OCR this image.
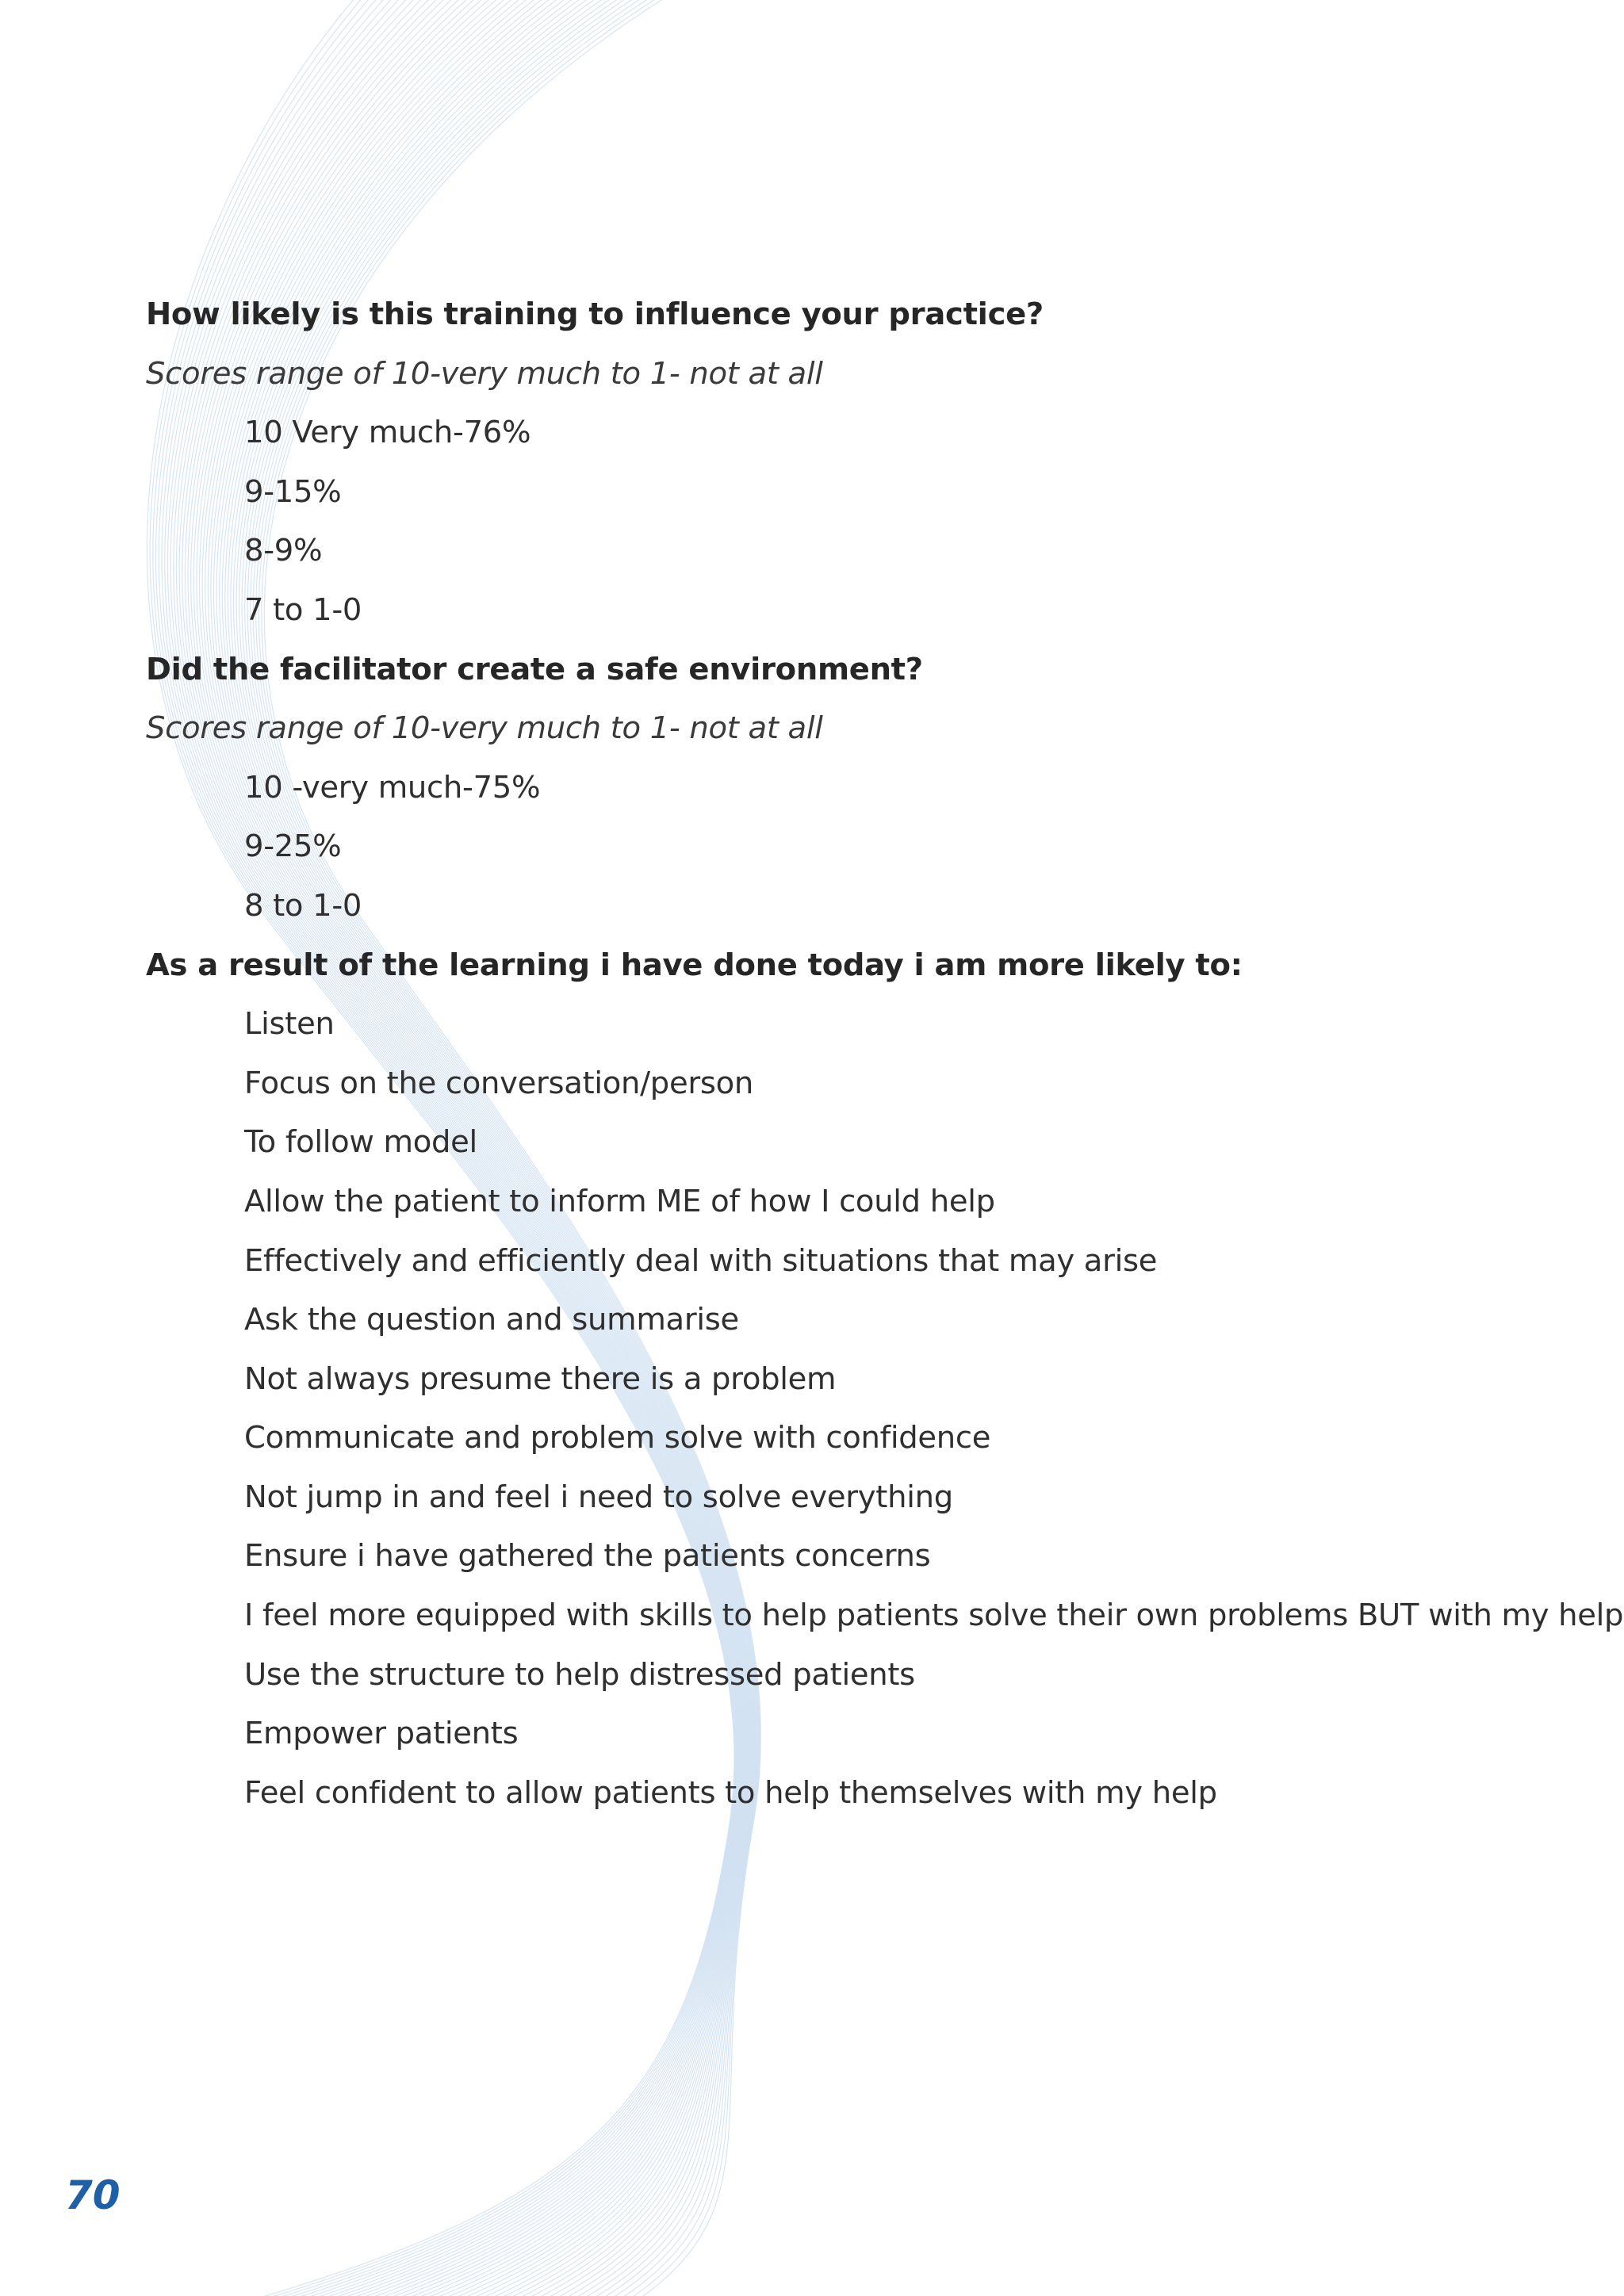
How likely is this training to influence your practice?
Scores range of 10-very much to 1- not at all
10 Very much-76%
9-15%
8-9%
7 to 1-0
Did the facilitator create a safe environment?
Scores range of 10-very much to 1- not at all
10 -very much-75%
9-25%
8 to 1-0
As a result of the learning i have done today i am more likely to:
Listen
Focus on the conversation/person
To follow model
Allow the patient to inform ME of how I could help
Effectively and efficiently deal with situations that may arise
Ask the question and summarise
Not always presume there is a problem
Communicate and problem solve with confidence
Not jump in and feel i need to solve everything
Ensure i have gathered the patients concerns
I feel more equipped with skills to help patients solve their own problems BUT with my help
Use the structure to help distressed patients
Empower patients
Feel confident to allow patients to help themselves with my help
70
